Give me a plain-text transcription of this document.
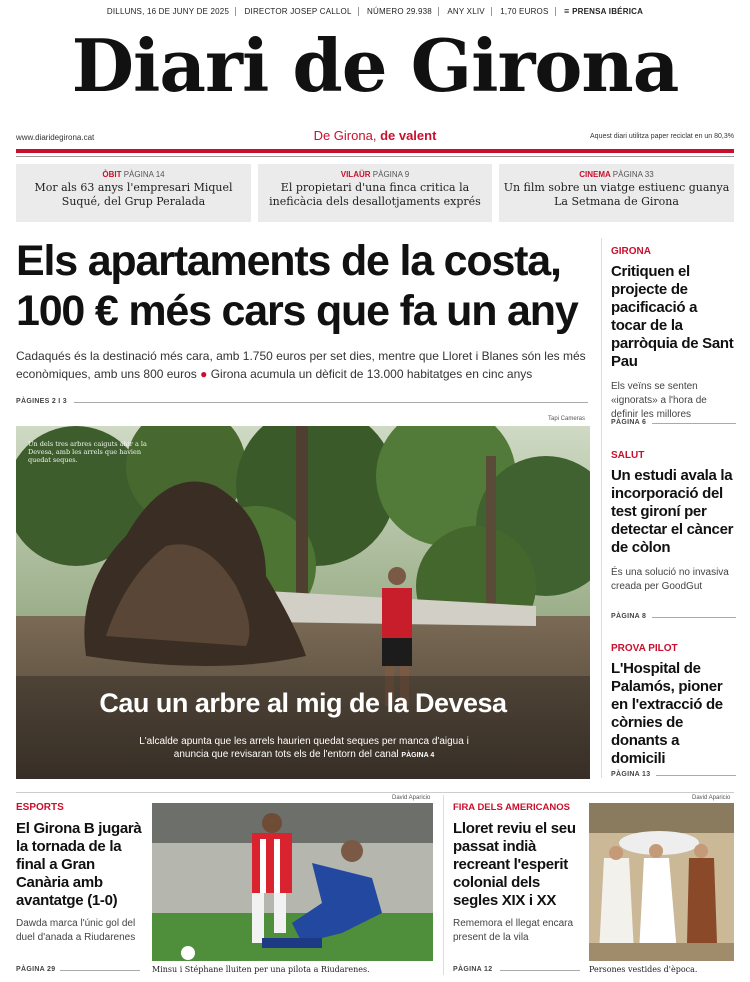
DILLUNS, 16 DE JUNY DE 2025 DIRECTOR JOSEP CALLOL NÚMERO 29.938 ANY XLIV 1,70 EUROS ≡ PRENSA IBÉRICA
Diari de Girona
www.diaridegirona.cat	De Girona, de valent	Aquest diari utilitza paper reciclat en un 80,3%
ÒBIT PÀGINA 14
Mor als 63 anys l'empresari Miquel Suqué, del Grup Peralada
VILAÜR PÀGINA 9
El propietari d'una finca critica la ineficàcia dels desallotjaments exprés
CINEMA PÀGINA 33
Un film sobre un viatge estiuenc guanya La Setmana de Girona
Els apartaments de la costa, 100 € més cars que fa un any
Cadaqués és la destinació més cara, amb 1.750 euros per set dies, mentre que Lloret i Blanes són les més econòmiques, amb uns 800 euros ● Girona acumula un dèficit de 13.000 habitatges en cinc anys
PÀGINES 2 I 3
Tapi Cameras
Un dels tres arbres caiguts ahir a la Devesa, amb les arrels que havien quedat seques.
Cau un arbre al mig de la Devesa
L'alcalde apunta que les arrels haurien quedat seques per manca d'aigua i anuncia que revisaran tots els de l'entorn del canal PÀGINA 4
GIRONA
Critiquen el projecte de pacificació a tocar de la parròquia de Sant Pau
Els veïns se senten «ignorats» a l'hora de definir les millores
PÀGINA 6
SALUT
Un estudi avala la incorporació del test gironí per detectar el càncer de còlon
És una solució no invasiva creada per GoodGut
PÀGINA 8
PROVA PILOT
L'Hospital de Palamós, pioner en l'extracció de còrnies de donants a domicili
PÀGINA 13
ESPORTS
El Girona B jugarà la tornada de la final a Gran Canària amb avantatge (1-0)
Dawda marca l'únic gol del duel d'anada a Riudarenes
PÀGINA 29
David Aparicio
Minsu i Stéphane lluiten per una pilota a Riudarenes.
FIRA DELS AMERICANOS
Lloret reviu el seu passat indià recreant l'esperit colonial dels segles XIX i XX
Rememora el llegat encara present de la vila
PÀGINA 12
David Aparicio
Persones vestides d'època.
